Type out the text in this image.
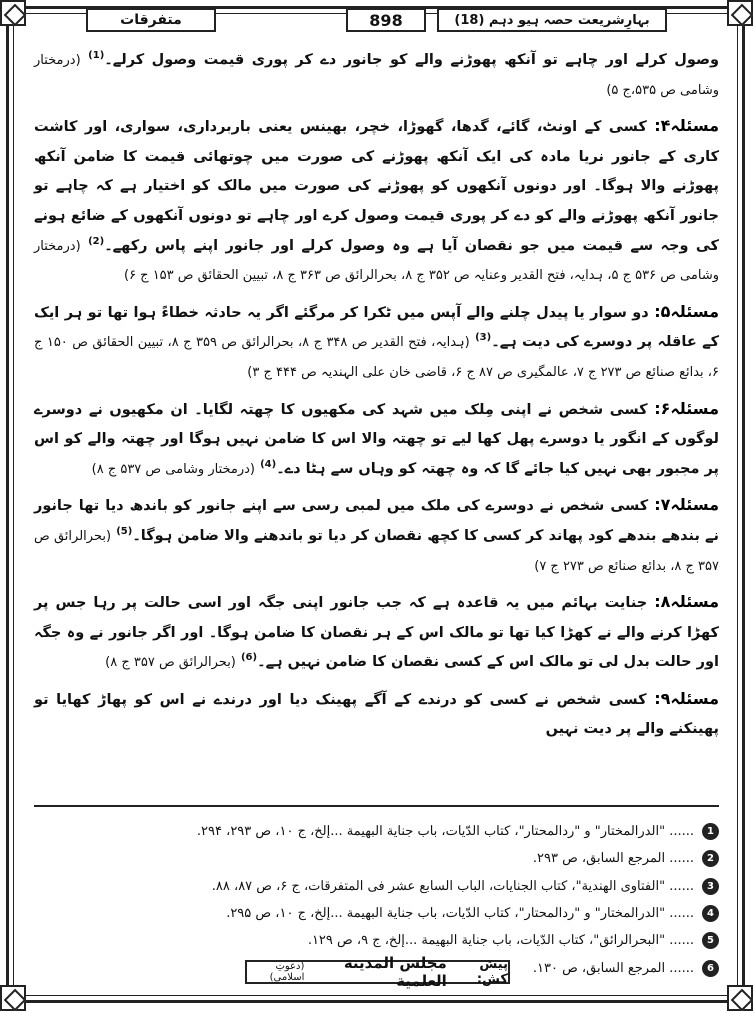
متفرقات	898	بہارِشریعت حصہ ہیو دہم (18)

وصول کرلے اور چاہے تو آنکھ پھوڑنے والے کو جانور دے کر پوری قیمت وصول کرلے۔$^{(1)}$ (درمختار وشامی ص ۵۳۵،ج ۵)

مسئلہ۴: کسی کے اونٹ، گائے، گدھا، گھوڑا، خچر، بھینس یعنی باربرداری، سواری، اور کاشت کاری کے جانور نریا مادہ کی ایک آنکھ پھوڑنے کی صورت میں چوتھائی قیمت کا ضامن آنکھ پھوڑنے والا ہوگا۔ اور دونوں آنکھوں کو پھوڑنے کی صورت میں مالک کو اختیار ہے کہ چاہے تو جانور آنکھ پھوڑنے والے کو دے کر پوری قیمت وصول کرے اور چاہے تو دونوں آنکھوں کے ضائع ہونے کی وجہ سے قیمت میں جو نقصان آیا ہے وہ وصول کرلے اور جانور اپنے پاس رکھے۔$^{(2)}$ (درمختار وشامی ص ۵۳۶ ج ۵، ہدایہ، فتح القدیر وعنایہ ص ۳۵۲ ج ۸، بحرالرائق ص ۳۶۳ ج ۸، تبیین الحقائق ص ۱۵۳ ج ۶)

مسئلہ۵: دو سوار یا پیدل چلنے والے آپس میں ٹکرا کر مرگئے اگر یہ حادثہ خطاءً ہوا تھا تو ہر ایک کے عاقلہ پر دوسرے کی دیت ہے۔$^{(3)}$ (ہدایہ، فتح القدیر ص ۳۴۸ ج ۸، بحرالرائق ص ۳۵۹ ج ۸، تبیین الحقائق ص ۱۵۰ ج ۶، بدائع صنائع ص ۲۷۳ ج ۷، عالمگیری ص ۸۷ ج ۶، قاضی خان علی الہندیہ ص ۴۴۴ ج ۳)

مسئلہ۶: کسی شخص نے اپنی مِلک میں شہد کی مکھیوں کا چھتہ لگایا۔ ان مکھیوں نے دوسرے لوگوں کے انگور یا دوسرے پھل کھا لیے تو چھتہ والا اس کا ضامن نہیں ہوگا اور چھتہ والے کو اس پر مجبور بھی نہیں کیا جائے گا کہ وہ چھتہ کو وہاں سے ہٹا دے۔$^{(4)}$ (درمختار وشامی ص ۵۳۷ ج ۸)

مسئلہ۷: کسی شخص نے دوسرے کی ملک میں لمبی رسی سے اپنے جانور کو باندھ دیا تھا جانور نے بندھے بندھے کود پھاند کر کسی کا کچھ نقصان کر دیا تو باندھنے والا ضامن ہوگا۔$^{(5)}$ (بحرالرائق ص ۳۵۷ ج ۸، بدائع صنائع ص ۲۷۳ ج ۷)

مسئلہ۸: جنایت بہائم میں یہ قاعدہ ہے کہ جب جانور اپنی جگہ اور اسی حالت پر رہا جس پر کھڑا کرنے والے نے کھڑا کیا تھا تو مالک اس کے ہر نقصان کا ضامن ہوگا۔ اور اگر جانور نے وہ جگہ اور حالت بدل لی تو مالک اس کے کسی نقصان کا ضامن نہیں ہے۔$^{(6)}$ (بحرالرائق ص ۳۵۷ ج ۸)

مسئلہ۹: کسی شخص نے کسی کو درندے کے آگے پھینک دیا اور درندے نے اس کو پھاڑ کھایا تو پھینکنے والے پر دیت نہیں

1
...... "الدرالمختار" و "ردالمحتار"، کتاب الدّیات، باب جنایة البھیمة ...إلخ، ج ۱۰، ص ۲۹۳، ۲۹۴.
2
...... المرجع السابق، ص ۲۹۳.
3
...... "الفتاوی الھندیة"، کتاب الجنایات، الباب السابع عشر فی المتفرقات، ج ۶، ص ۸۷، ۸۸.
4
...... "الدرالمختار" و "ردالمحتار"، کتاب الدّیات، باب جنایة البھیمة ...إلخ، ج ۱۰، ص ۲۹۵.
5
...... "البحرالرائق"، کتاب الدّیات، باب جنایة البھیمة ...إلخ، ج ۹، ص ۱۲۹.
6
...... المرجع السابق، ص ۱۳۰.
پیش کش:
مجلس المدینة العلمیة
(دعوتِ اسلامی)
